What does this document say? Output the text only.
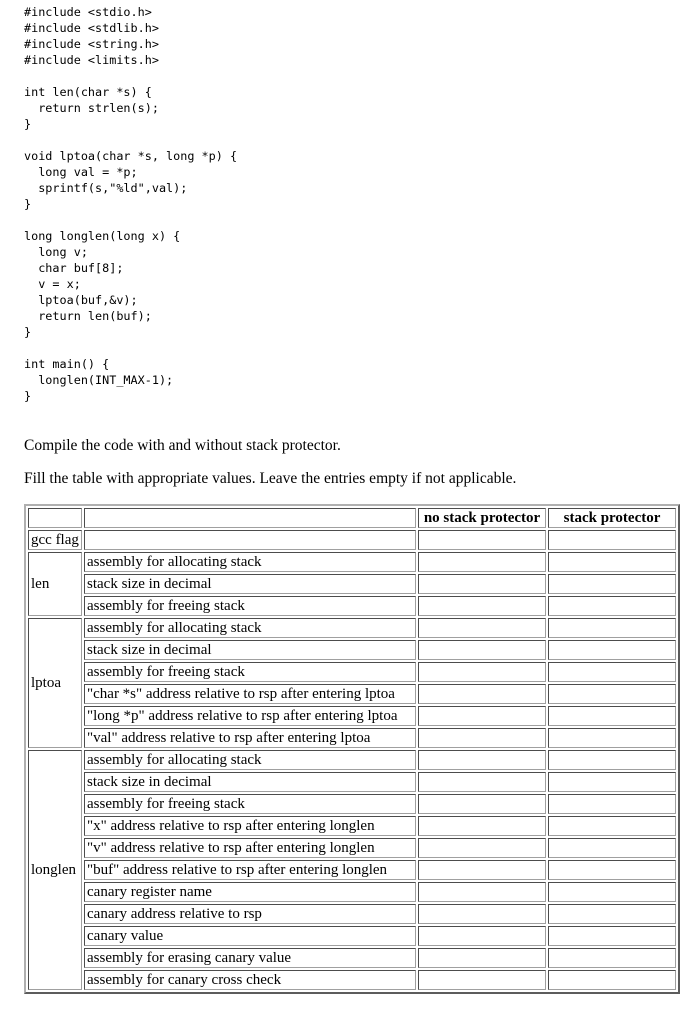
#include <stdio.h>
#include <stdlib.h>
#include <string.h>
#include <limits.h>

int len(char *s) {
return strlen(s);
}

void lptoa(char *s, long *p) {
long val = *p;
sprintf(s,"%ld",val);
}

long longlen(long x) {
long v;
char buf[8];
v = x;
lptoa(buf,&v);
return len(buf);
}

int main() {
longlen(INT_MAX-1);
}

Compile the code with and without stack protector.

Fill the table with appropriate values. Leave the entries empty if not applicable.

		no stack protector	stack protector
gcc flag			
len	assembly for allocating stack		
	stack size in decimal		
	assembly for freeing stack		
lptoa	assembly for allocating stack		
	stack size in decimal		
	assembly for freeing stack		
	"char *s" address relative to rsp after entering lptoa		
	"long *p" address relative to rsp after entering lptoa		
	"val" address relative to rsp after entering lptoa		
longlen	assembly for allocating stack		
	stack size in decimal		
	assembly for freeing stack		
	"x" address relative to rsp after entering longlen		
	"v" address relative to rsp after entering longlen		
	"buf" address relative to rsp after entering longlen		
	canary register name		
	canary address relative to rsp		
	canary value		
	assembly for erasing canary value		
	assembly for canary cross check		
